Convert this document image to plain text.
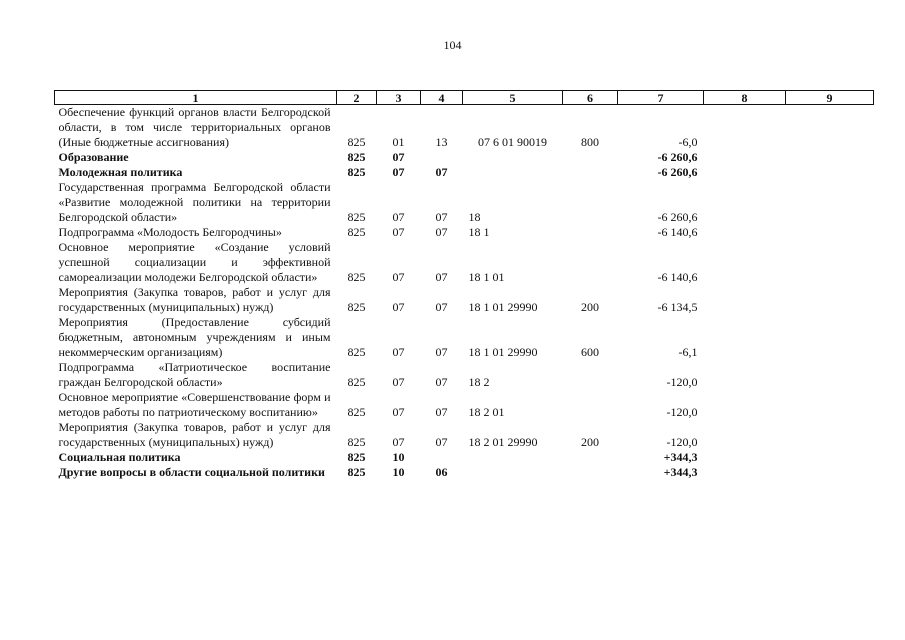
104
1	2	3	4	5	6	7	8	9
Обеспечение функций органов власти Белгородской области, в том числе территориальных органов (Иные бюджетные ассигнования)	825	01	13	07 6 01 90019	800	-6,0		
Образование	825	07				-6 260,6		
Молодежная политика	825	07	07			-6 260,6		
Государственная программа Белгородской области «Развитие молодежной политики на территории Белгородской области»	825	07	07	18		-6 260,6		
Подпрограмма «Молодость Белгородчины»	825	07	07	18 1		-6 140,6		
Основное мероприятие «Создание условий успешной социализации и эффективной самореализации молодежи Белгородской области»	825	07	07	18 1 01		-6 140,6		
Мероприятия (Закупка товаров, работ и услуг для государственных (муниципальных) нужд)	825	07	07	18 1 01 29990	200	-6 134,5		
Мероприятия (Предоставление субсидий бюджетным, автономным учреждениям и иным некоммерческим организациям)	825	07	07	18 1 01 29990	600	-6,1		
Подпрограмма «Патриотическое воспитание граждан Белгородской области»	825	07	07	18 2		-120,0		
Основное мероприятие «Совершенствование форм и методов работы по патриотическому воспитанию»	825	07	07	18 2 01		-120,0		
Мероприятия (Закупка товаров, работ и услуг для государственных (муниципальных) нужд)	825	07	07	18 2 01 29990	200	-120,0		
Социальная политика	825	10				+344,3		
Другие вопросы в области социальной политики	825	10	06			+344,3		
